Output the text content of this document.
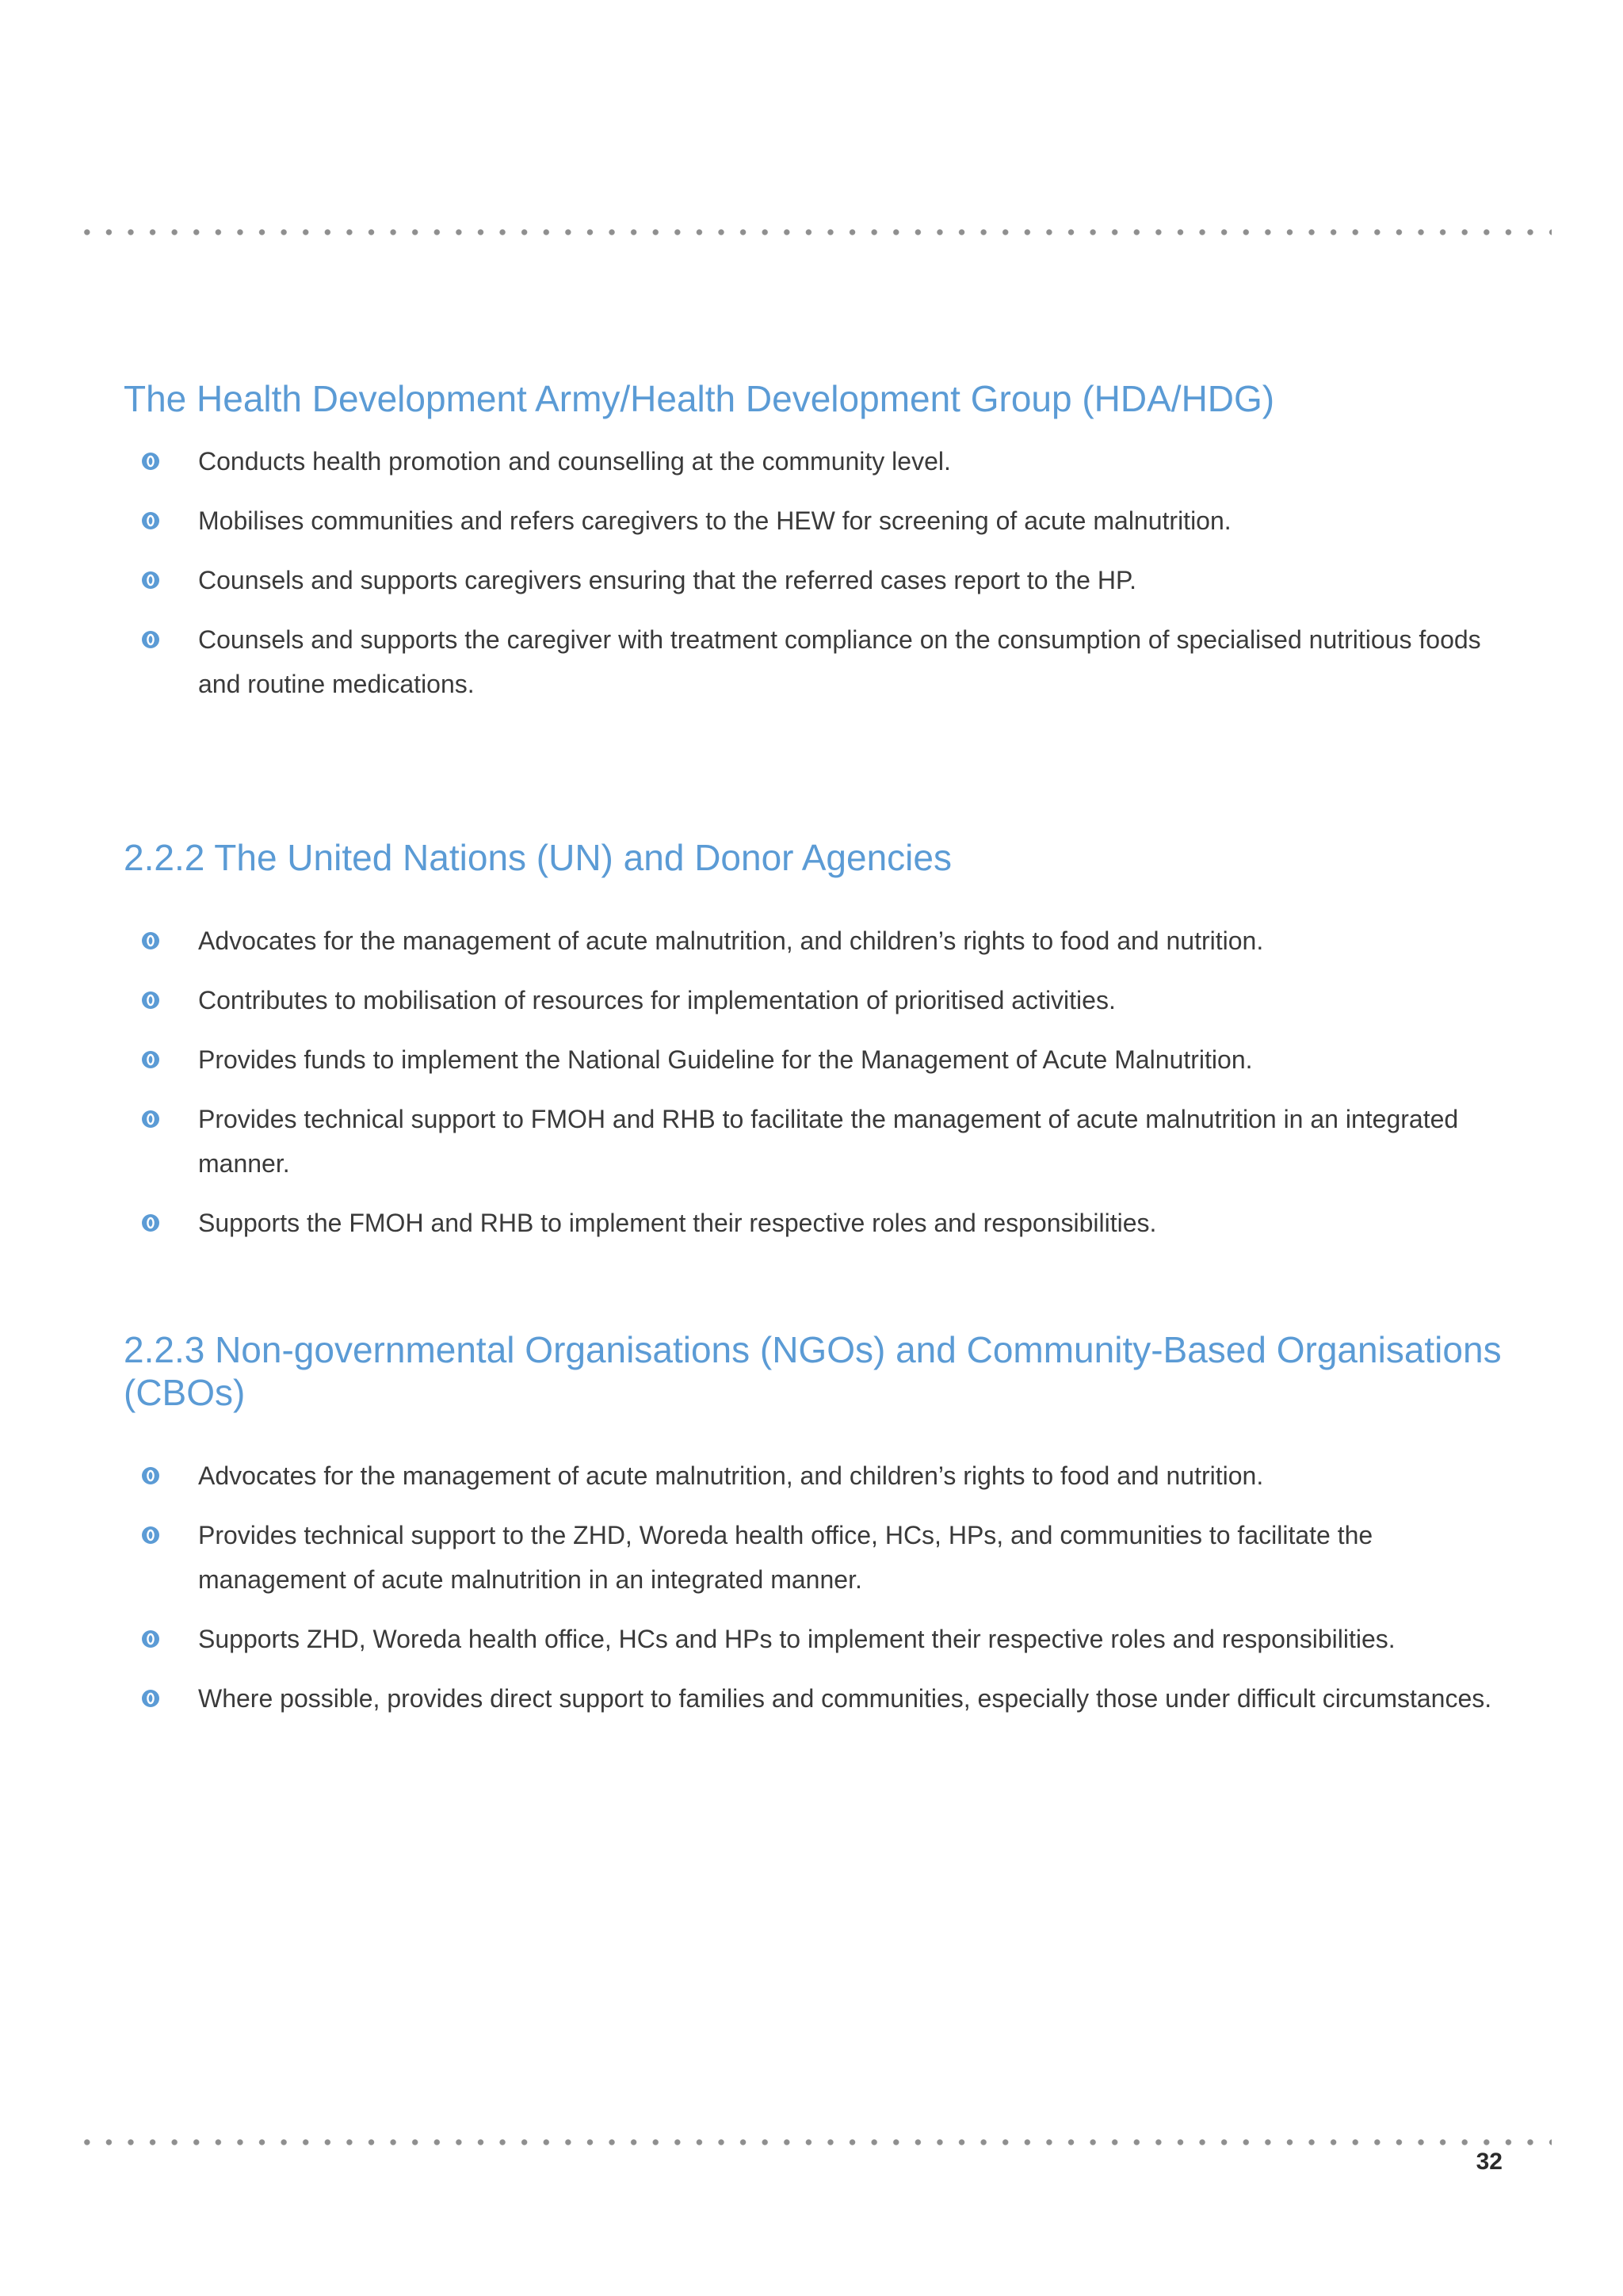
The Health Development Army/Health Development Group (HDA/HDG)
Conducts health promotion and counselling at the community level.
Mobilises communities and refers caregivers to the HEW for screening of acute malnutrition.
Counsels and supports caregivers ensuring that the referred cases report to the HP.
Counsels and supports the caregiver with treatment compliance on the consumption of specialised nutritious foods and routine medications.
2.2.2 The United Nations (UN) and Donor Agencies
Advocates for the management of acute malnutrition, and children’s rights to food and nutrition.
Contributes to mobilisation of resources for implementation of prioritised activities.
Provides funds to implement the National Guideline for the Management of Acute Malnutrition.
Provides technical support to FMOH and RHB to facilitate the management of acute malnutrition in an integrated manner.
Supports the FMOH and RHB to implement their respective roles and responsibilities.
2.2.3 Non-governmental Organisations (NGOs) and Community-Based Organisations (CBOs)
Advocates for the management of acute malnutrition, and children’s rights to food and nutrition.
Provides technical support to the ZHD, Woreda health office, HCs, HPs, and communities to facilitate the management of acute malnutrition in an integrated manner.
Supports ZHD, Woreda health office, HCs and HPs to implement their respective roles and responsibilities.
Where possible, provides direct support to families and communities, especially those under difficult circumstances.
32
